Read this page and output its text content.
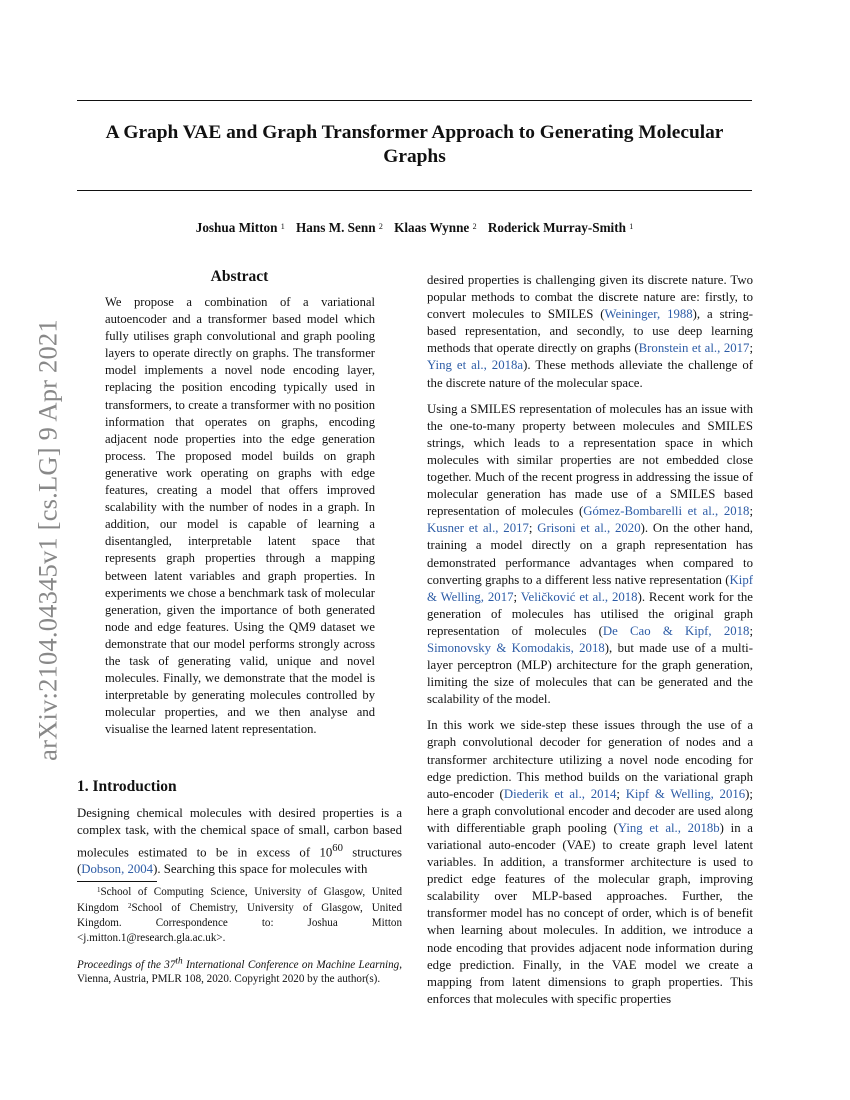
arXiv:2104.04345v1 [cs.LG] 9 Apr 2021
A Graph VAE and Graph Transformer Approach to Generating Molecular Graphs
Joshua Mitton $^1$ Hans M. Senn $^2$ Klaas Wynne $^2$ Roderick Murray-Smith $^1$
Abstract
We propose a combination of a variational autoencoder and a transformer based model which fully utilises graph convolutional and graph pooling layers to operate directly on graphs. The transformer model implements a novel node encoding layer, replacing the position encoding typically used in transformers, to create a transformer with no position information that operates on graphs, encoding adjacent node properties into the edge generation process. The proposed model builds on graph generative work operating on graphs with edge features, creating a model that offers improved scalability with the number of nodes in a graph. In addition, our model is capable of learning a disentangled, interpretable latent space that represents graph properties through a mapping between latent variables and graph properties. In experiments we chose a benchmark task of molecular generation, given the importance of both generated node and edge features. Using the QM9 dataset we demonstrate that our model performs strongly across the task of generating valid, unique and novel molecules. Finally, we demonstrate that the model is interpretable by generating molecules controlled by molecular properties, and we then analyse and visualise the learned latent representation.
1. Introduction
Designing chemical molecules with desired properties is a complex task, with the chemical space of small, carbon based molecules estimated to be in excess of $10^{60}$ structures (Dobson, 2004). Searching this space for molecules with
$^1$School of Computing Science, University of Glasgow, United Kingdom $^2$School of Chemistry, University of Glasgow, United Kingdom. Correspondence to: Joshua Mitton <j.mitton.1@research.gla.ac.uk>.
Proceedings of the 37th International Conference on Machine Learning, Vienna, Austria, PMLR 108, 2020. Copyright 2020 by the author(s).

desired properties is challenging given its discrete nature. Two popular methods to combat the discrete nature are: firstly, to convert molecules to SMILES (Weininger, 1988), a string-based representation, and secondly, to use deep learning methods that operate directly on graphs (Bronstein et al., 2017; Ying et al., 2018a). These methods alleviate the challenge of the discrete nature of the molecular space.

Using a SMILES representation of molecules has an issue with the one-to-many property between molecules and SMILES strings, which leads to a representation space in which molecules with similar properties are not embedded close together. Much of the recent progress in addressing the issue of molecular generation has made use of a SMILES based representation of molecules (Gómez-Bombarelli et al., 2018; Kusner et al., 2017; Grisoni et al., 2020). On the other hand, training a model directly on a graph representation has demonstrated performance advantages when compared to converting graphs to a different less native representation (Kipf & Welling, 2017; Veličković et al., 2018). Recent work for the generation of molecules has utilised the original graph representation of molecules (De Cao & Kipf, 2018; Simonovsky & Komodakis, 2018), but made use of a multi-layer perceptron (MLP) architecture for the graph generation, limiting the size of molecules that can be generated and the scalability of the model.

In this work we side-step these issues through the use of a graph convolutional decoder for generation of nodes and a transformer architecture utilizing a novel node encoding for edge prediction. This method builds on the variational graph auto-encoder (Diederik et al., 2014; Kipf & Welling, 2016); here a graph convolutional encoder and decoder are used along with differentiable graph pooling (Ying et al., 2018b) in a variational auto-encoder (VAE) to create graph level latent variables. In addition, a transformer architecture is used to predict edge features of the molecular graph, improving scalability over MLP-based approaches. Further, the transformer model has no concept of order, which is of benefit when learning about molecules. In addition, we introduce a node encoding that provides adjacent node information during edge prediction. Finally, in the VAE model we create a mapping from latent dimensions to graph properties. This enforces that molecules with specific properties
